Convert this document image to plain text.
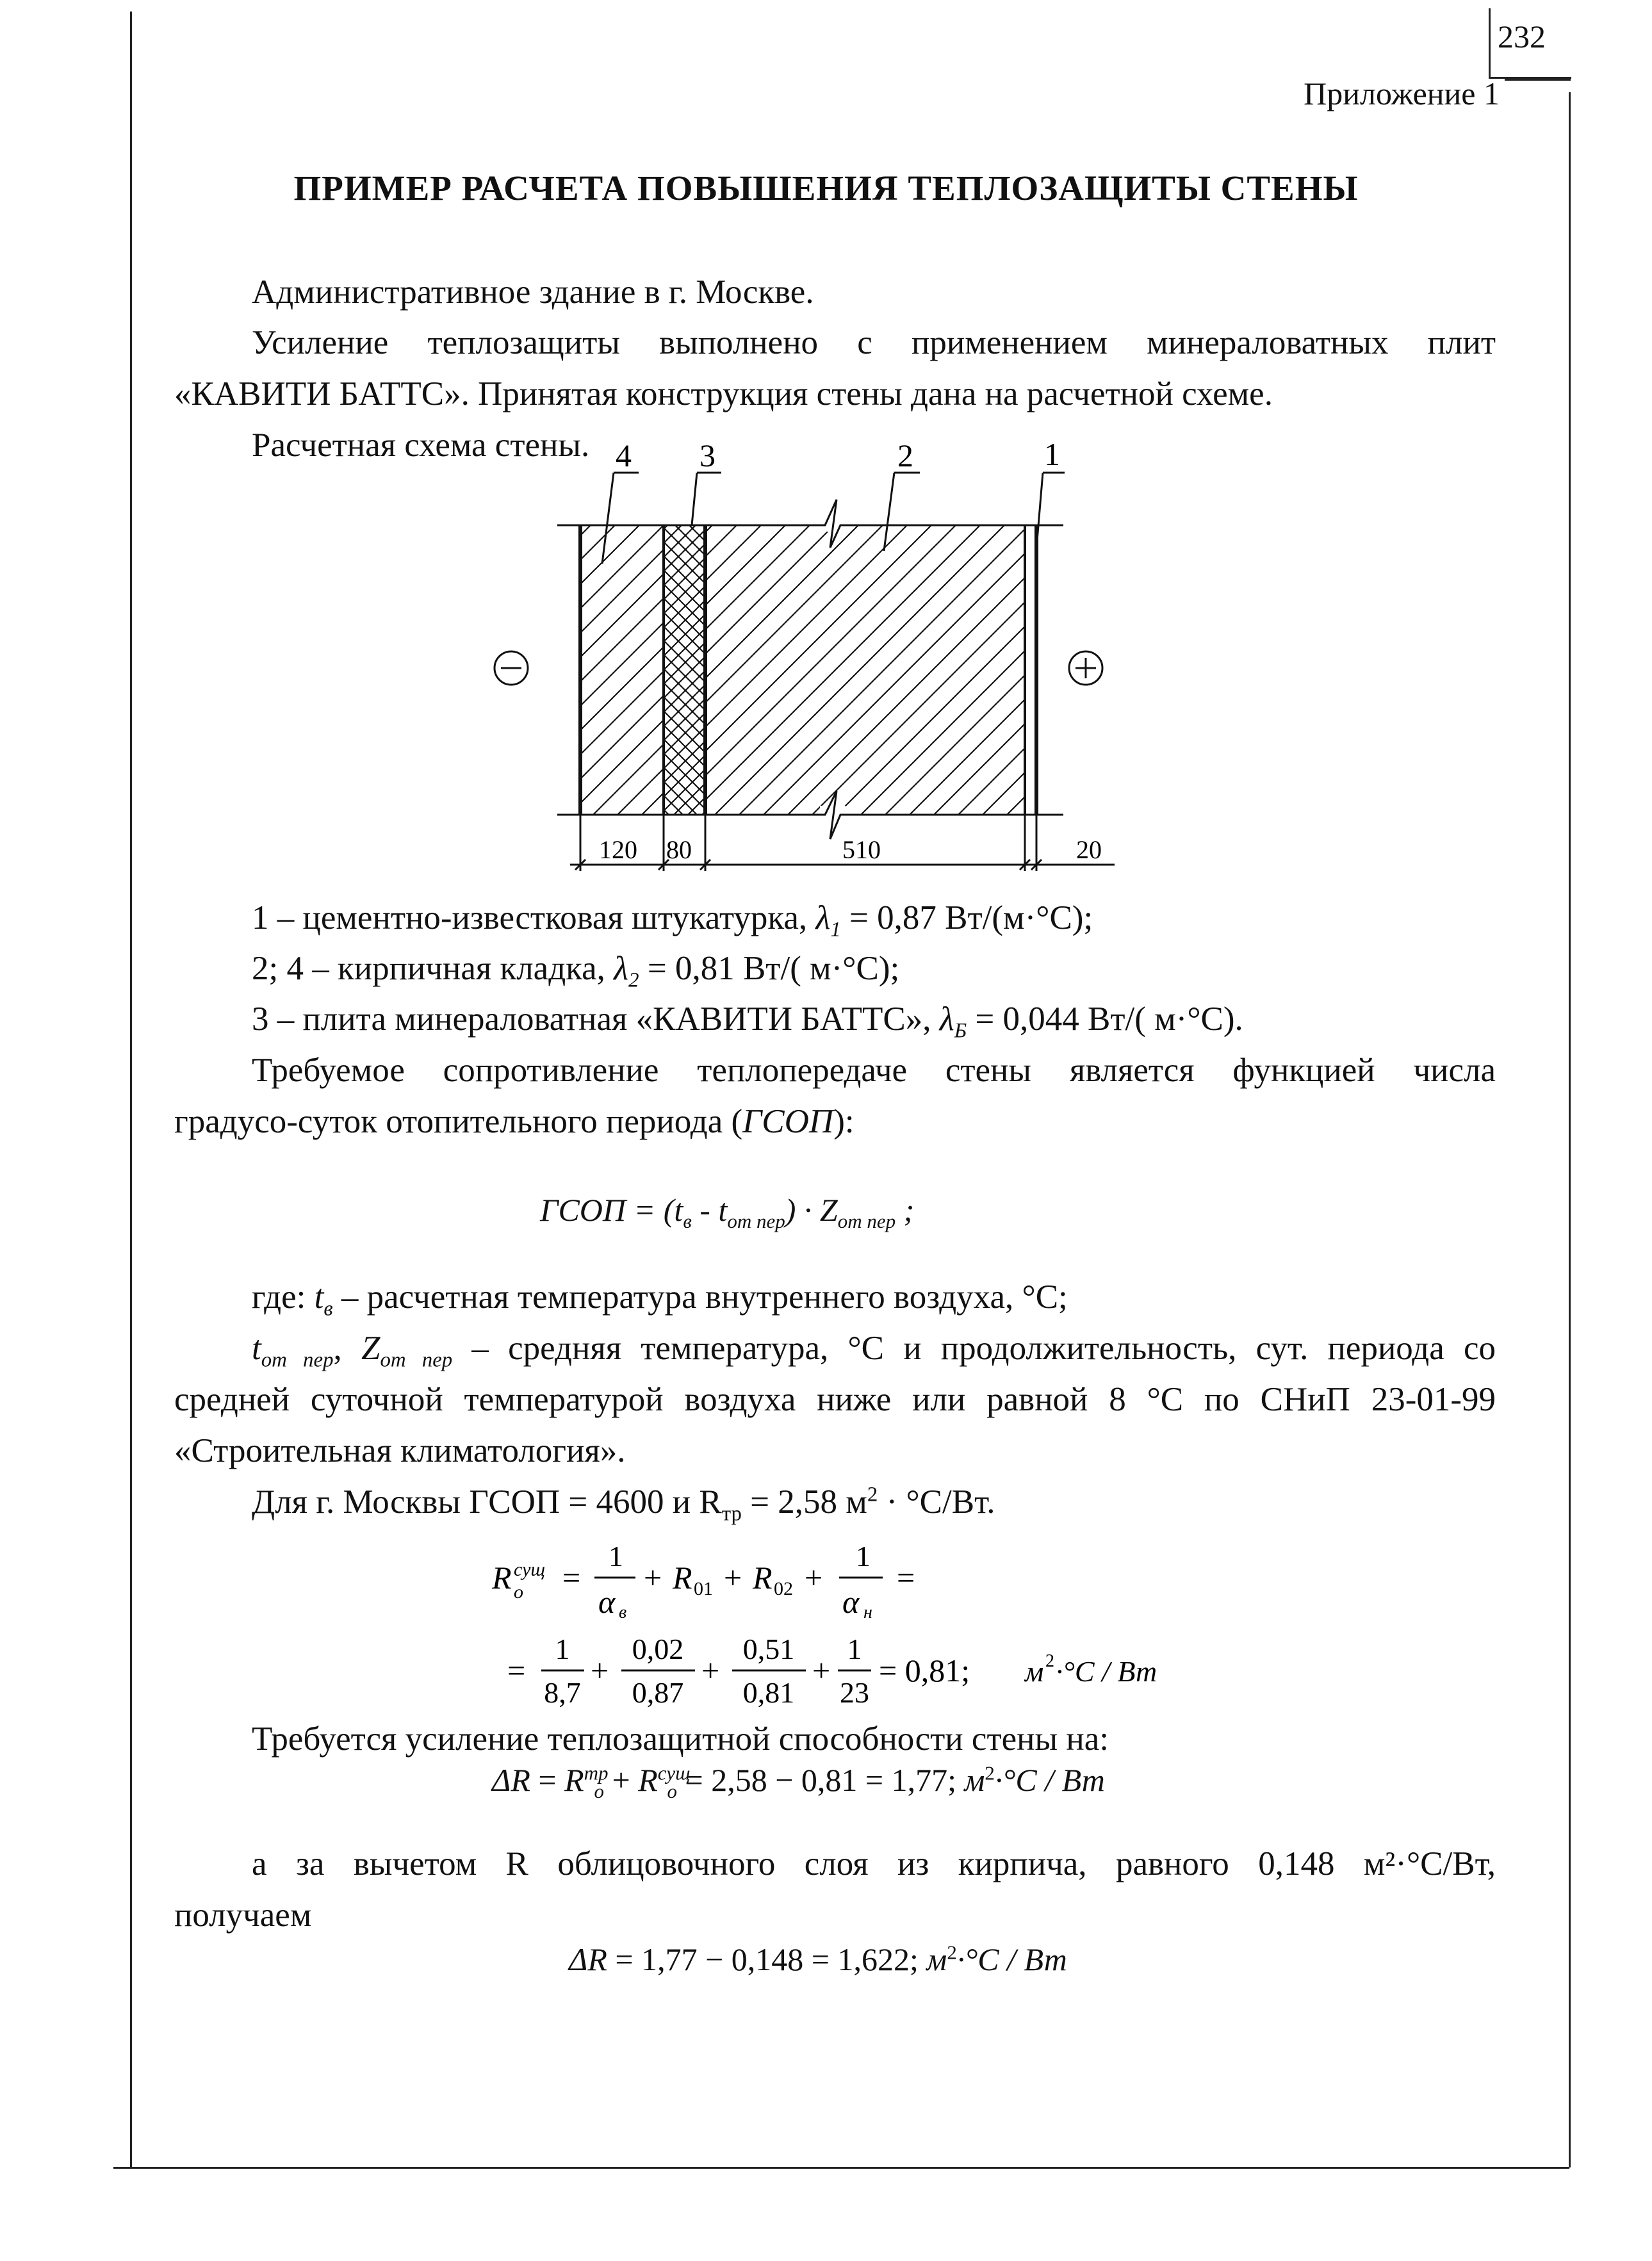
232
Приложение 1
ПРИМЕР РАСЧЕТА ПОВЫШЕНИЯ ТЕПЛОЗАЩИТЫ СТЕНЫ
Административное здание в г. Москве.
Усиление теплозащиты выполнено с применением минераловатных плит
«КАВИТИ БАТТС». Принятая конструкция стены дана на расчетной схеме.
Расчетная схема стены. 4 3	2	1
120 80	510	20
1 – цементно-известковая штукатурка, $\lambda_1 = 0,87$ Вт/(м·°С);
2; 4 – кирпичная кладка, $\lambda_2 = 0,81$ Вт/( м·°С);
3 – плита минераловатная «КАВИТИ БАТТС», $\lambda_Б = 0,044$ Вт/( м·°С).
Требуемое сопротивление теплопередаче стены является функцией числа
градусо-суток отопительного периода (ГСОП):
ГСОП = $(t_в - t_{от пер}) \cdot Z_{от пер}$ ;
где: $t_в$ – расчетная температура внутреннего воздуха, °С;
$t_{от пер}$, $Z_{от пер}$ – средняя температура, °С и продолжительность, сут. периода со
средней суточной температурой воздуха ниже или равной 8 °С по СНиП 23-01-99
«Строительная климатология».
Для г. Москвы ГСОП = 4600 и $R_{тр} = 2,58$ $м^2 \cdot ^\circ С/Вт$.
R сущ
о =
1
α в
+ R 01 + R 02 +
1
α н
=
=
1
8,7
+
0,02
0,87
+
0,51
0,81
+
1
23
= 0,81; м 2 ·°С / Вт
Требуется усиление теплозащитной способности стены на:
$\Delta R = R^{тр}_о + R^{сущ}_о = 2,58 - 0,81 = 1,77$; $м^2\cdot^\circ С$ / Вт
а за вычетом R облицовочного слоя из кирпича, равного 0,148 м²·°С/Вт,
получаем
ΔR = 1,77 − 0,148 = 1,622; $м^2\cdot^\circ С$ / Вт
